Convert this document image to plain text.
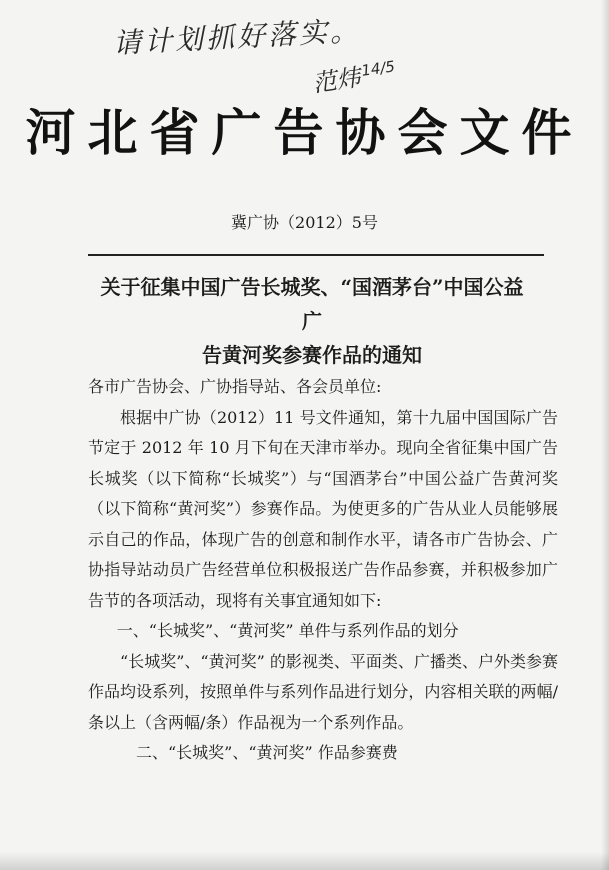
请计划抓好落实。
范炜$^{14/5}$
河北省广告协会文件
冀广协（2012）5号
关于征集中国广告长城奖、“国酒茅台”中国公益广
告黄河奖参赛作品的通知

各市广告协会、广协指导站、各会员单位:

根据中广协（2012）11 号文件通知，第十九届中国国际广告节定于 2012 年 10 月下旬在天津市举办。现向全省征集中国广告长城奖（以下简称“长城奖”）与“国酒茅台”中国公益广告黄河奖（以下简称“黄河奖”）参赛作品。为使更多的广告从业人员能够展示自己的作品，体现广告的创意和制作水平，请各市广告协会、广协指导站动员广告经营单位积极报送广告作品参赛，并积极参加广告节的各项活动，现将有关事宜通知如下:

一、“长城奖”、“黄河奖” 单件与系列作品的划分

“长城奖”、“黄河奖” 的影视类、平面类、广播类、户外类参赛作品均设系列，按照单件与系列作品进行划分，内容相关联的两幅/条以上（含两幅/条）作品视为一个系列作品。

二、“长城奖”、“黄河奖” 作品参赛费
